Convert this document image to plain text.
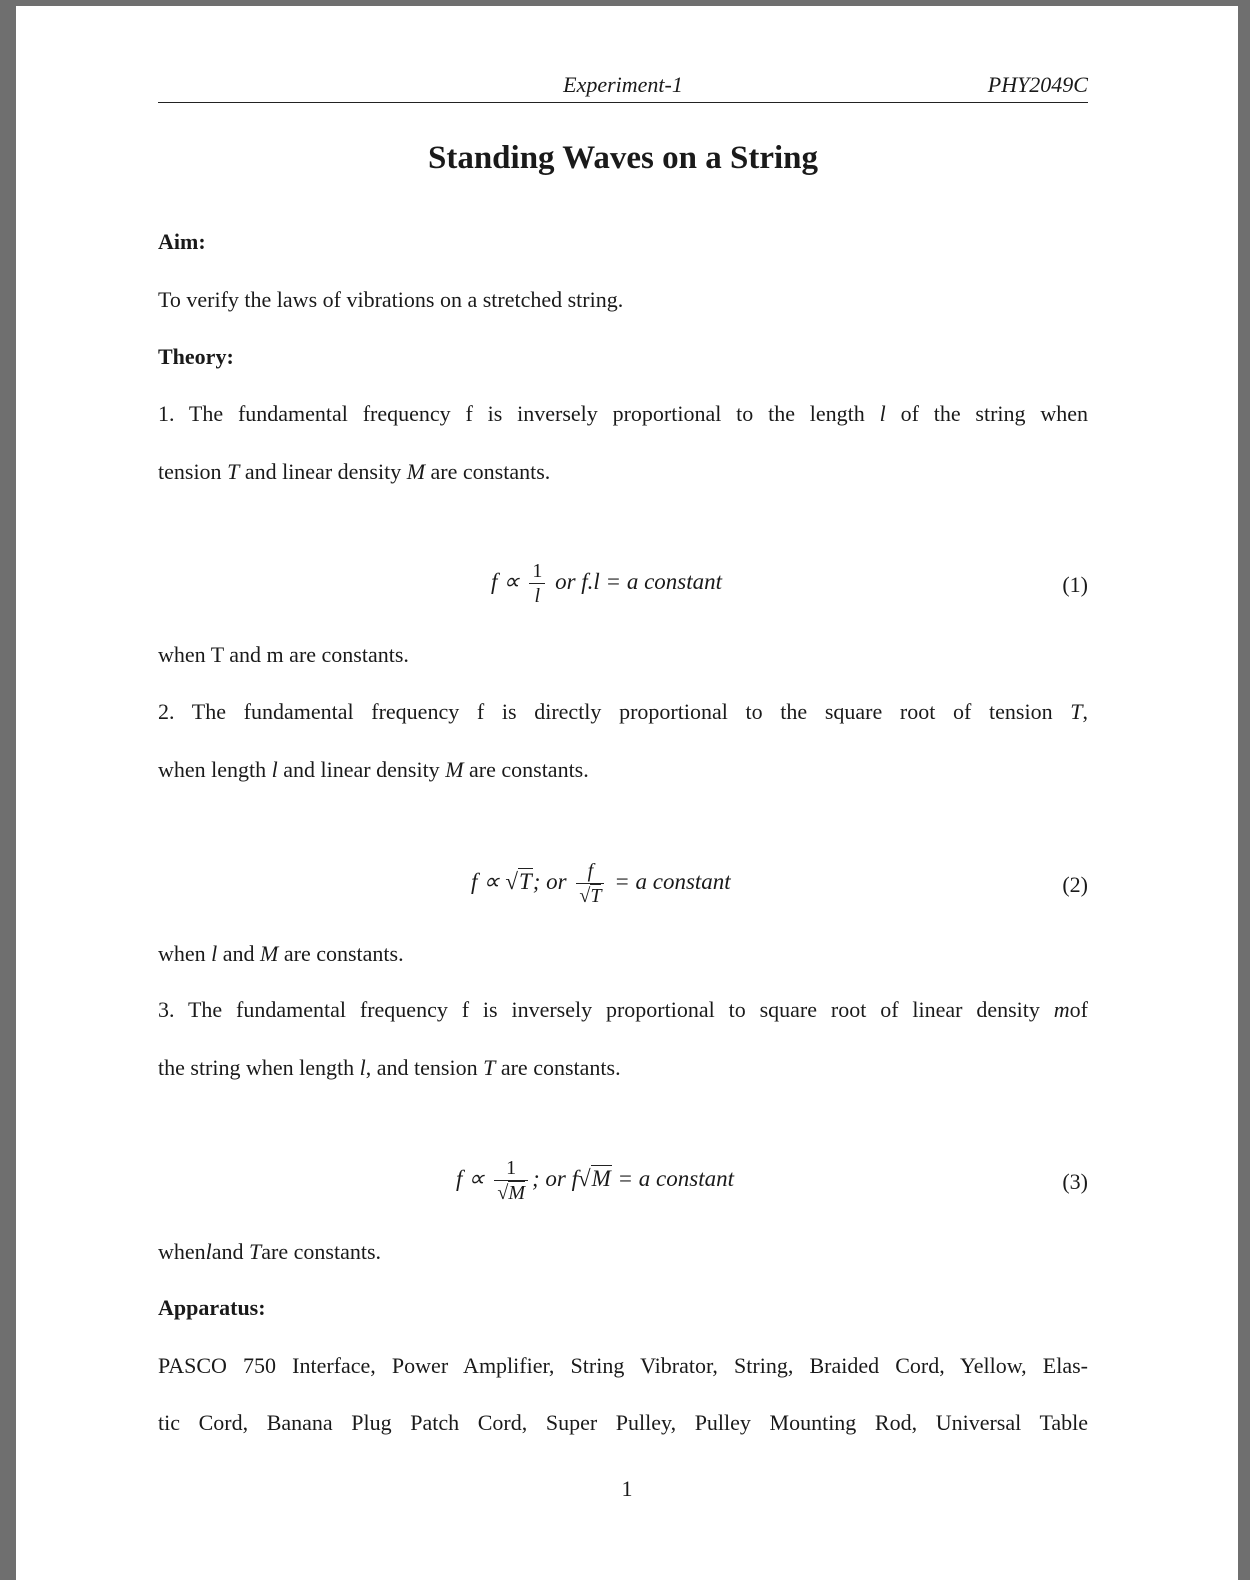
Experiment-1	PHY2049C
Standing Waves on a String
Aim:
To verify the laws of vibrations on a stretched string.
Theory:
1. The fundamental frequency f is inversely proportional to the length l of the string when
tension T and linear density M are constants.
$f \propto \frac{1}{l}$ or f.l = a constant	(1)
when T and m are constants.
2. The fundamental frequency f is directly proportional to the square root of tension T,
when length l and linear density M are constants.
f ∝ √T; or $\frac{f}{√T} = a$ constant	(2)
when l and M are constants.
3. The fundamental frequency f is inversely proportional to square root of linear density mof
the string when length l, and tension T are constants.
$f \propto \frac{1}{√M}$ ; or f√M = a constant	(3)
whenland Tare constants.
Apparatus:
PASCO 750 Interface, Power Amplifier, String Vibrator, String, Braided Cord, Yellow, Elas-
tic Cord, Banana Plug Patch Cord, Super Pulley, Pulley Mounting Rod, Universal Table
1
